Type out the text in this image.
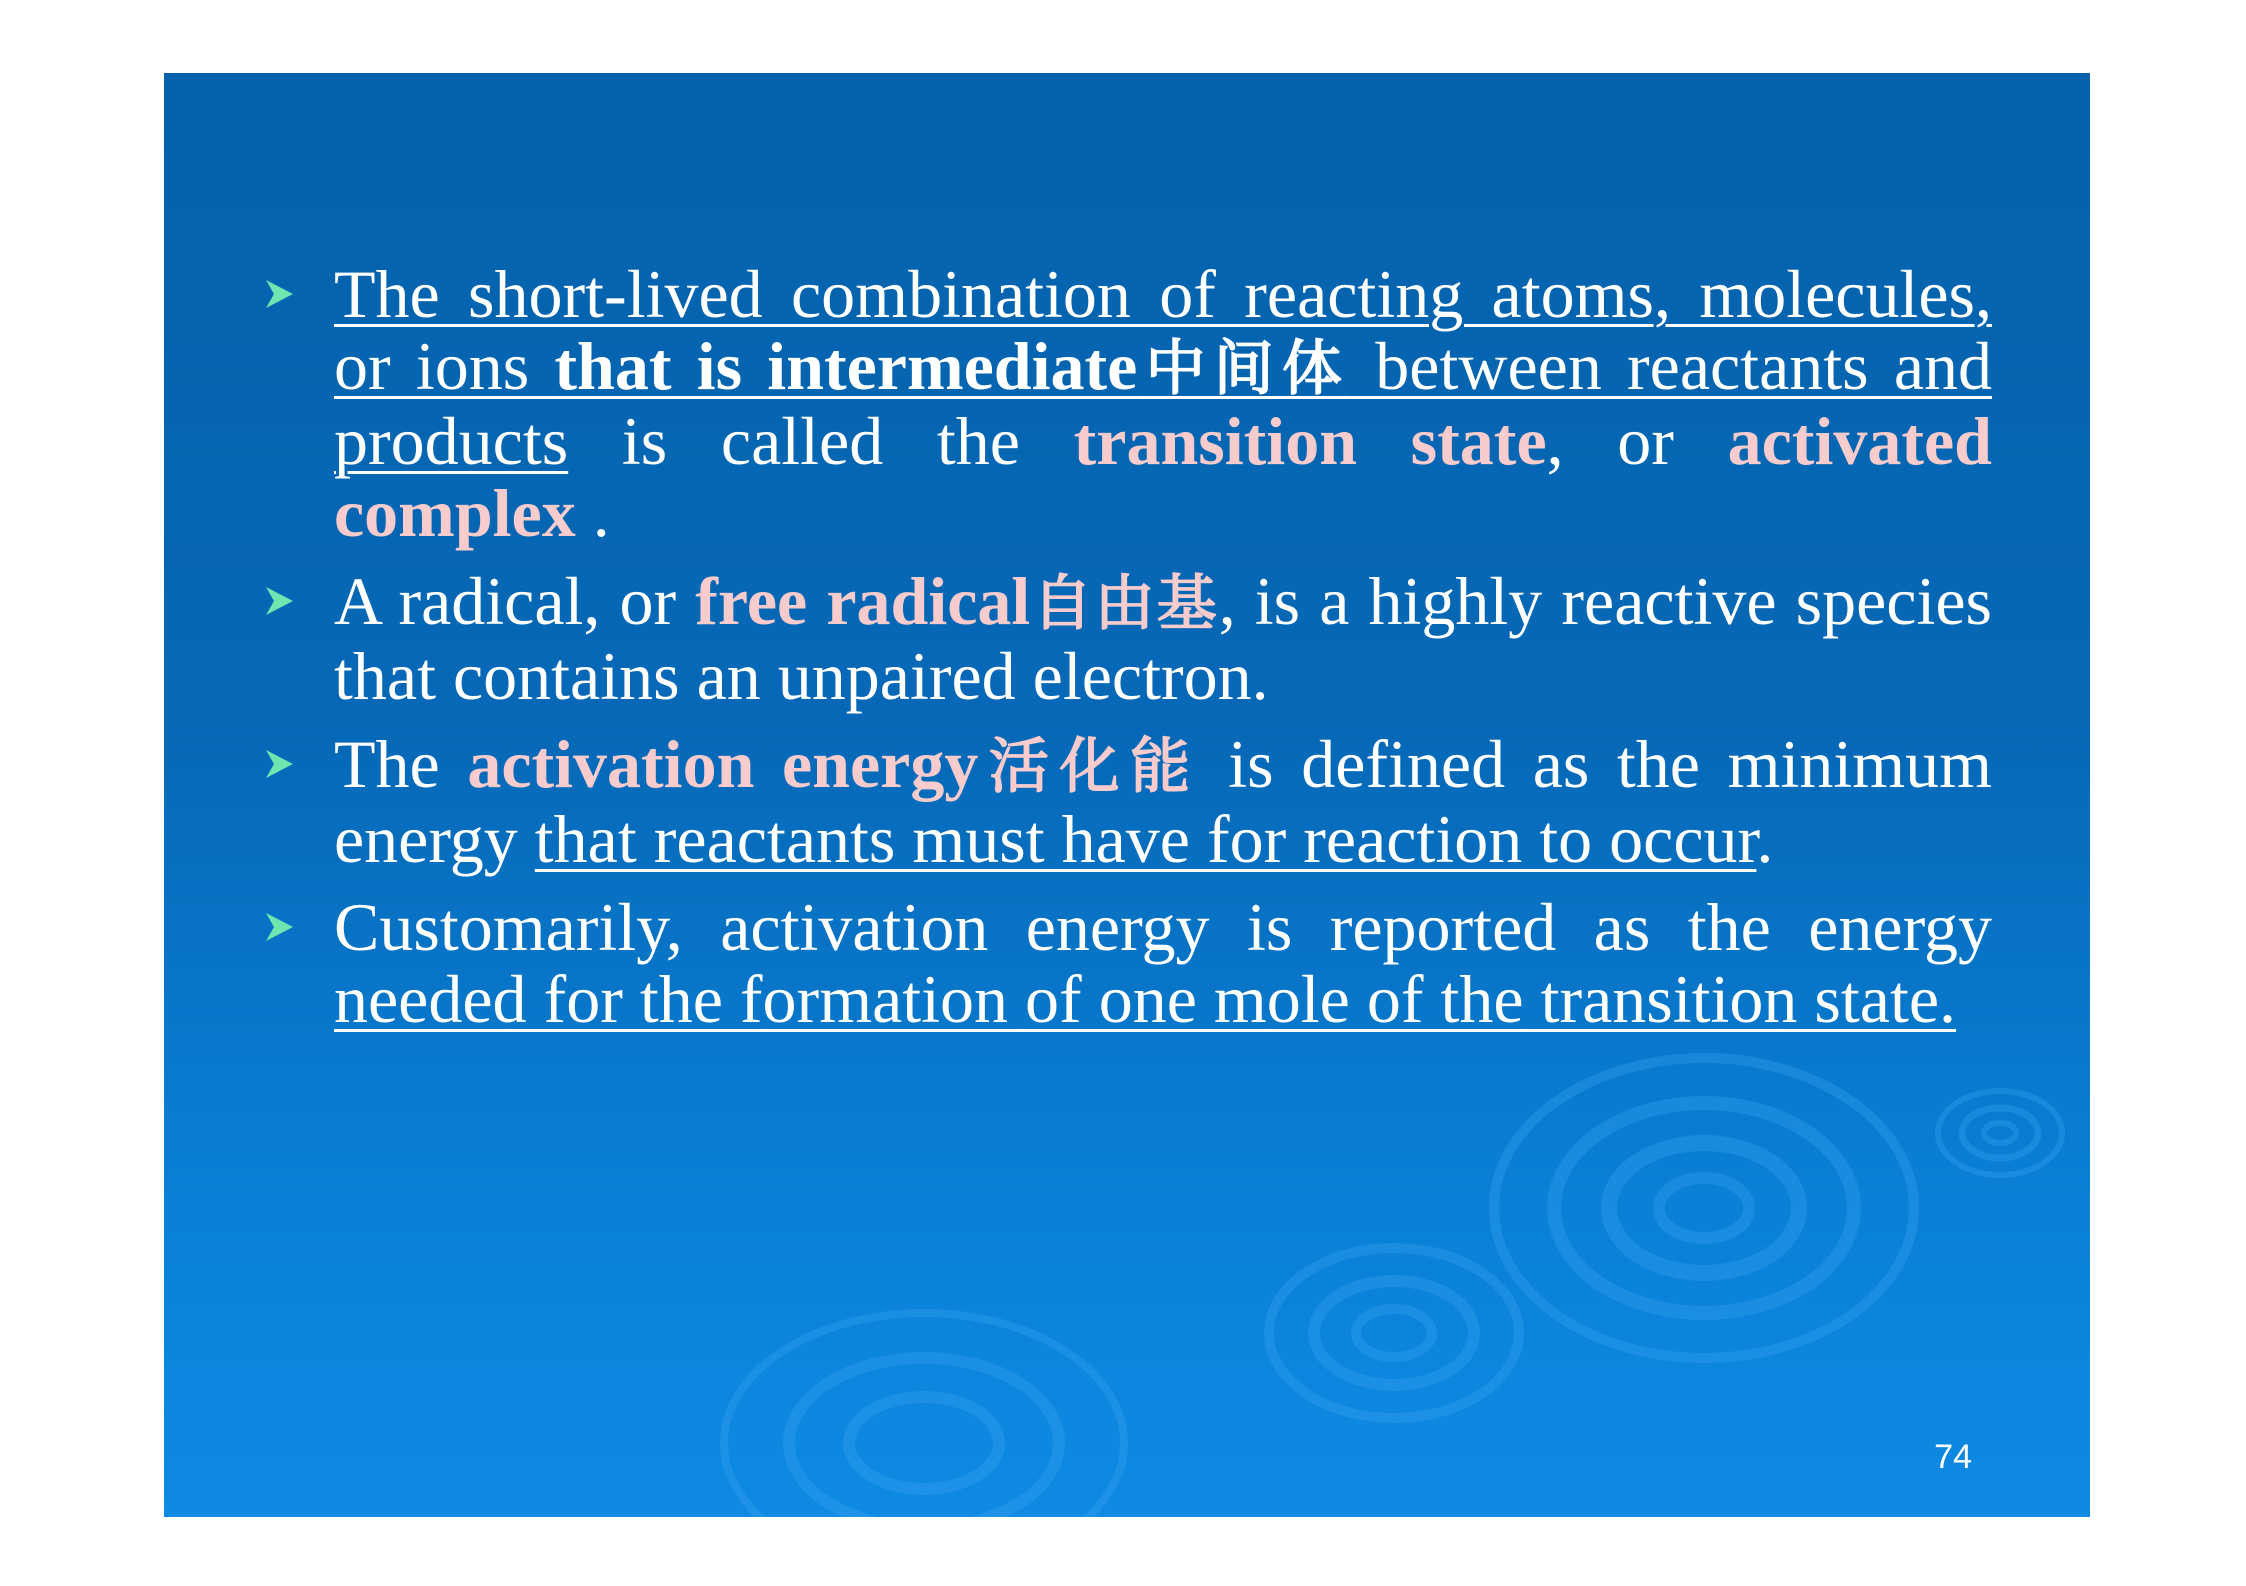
The short-lived combination of reacting atoms, molecules, or ions that is intermediate中间体 between reactants and products is called the transition state, or activated complex .
A radical, or free radical自由基, is a highly reactive species that contains an unpaired electron.
The activation energy活化能 is defined as the minimum energy that reactants must have for reaction to occur.
Customarily, activation energy is reported as the energy needed for the formation of one mole of the transition state.
74
